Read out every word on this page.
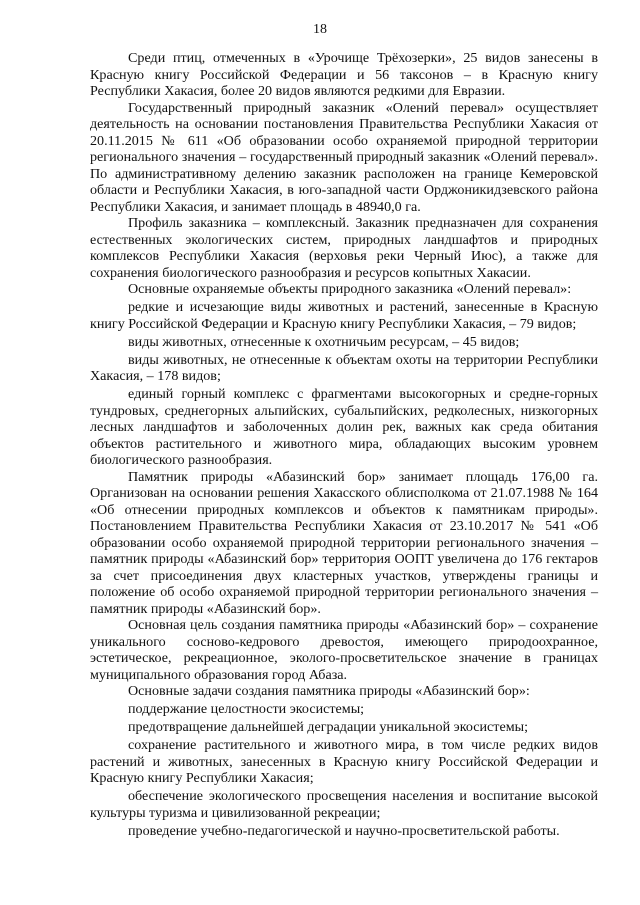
18

Среди птиц, отмеченных в «Урочище Трёхозерки», 25 видов занесены в Красную книгу Российской Федерации и 56 таксонов – в Красную книгу Республики Хакасия, более 20 видов являются редкими для Евразии.

Государственный природный заказник «Олений перевал» осуществляет деятельность на основании постановления Правительства Республики Хакасия от 20.11.2015 № 611 «Об образовании особо охраняемой природной территории регионального значения – государственный природный заказник «Олений перевал». По административному делению заказник расположен на границе Кемеровской области и Республики Хакасия, в юго-западной части Орджоникидзевского района Республики Хакасия, и занимает площадь в 48940,0 га.

Профиль заказника – комплексный. Заказник предназначен для сохранения естественных экологических систем, природных ландшафтов и природных комплексов Республики Хакасия (верховья реки Черный Июс), а также для сохранения биологического разнообразия и ресурсов копытных Хакасии.

Основные охраняемые объекты природного заказника «Олений перевал»:

редкие и исчезающие виды животных и растений, занесенные в Красную книгу Российской Федерации и Красную книгу Республики Хакасия, – 79 видов;

виды животных, отнесенные к охотничьим ресурсам, – 45 видов;

виды животных, не отнесенные к объектам охоты на территории Республики Хакасия, – 178 видов;

единый горный комплекс с фрагментами высокогорных и средне-горных тундровых, среднегорных альпийских, субальпийских, редколесных, низкогорных лесных ландшафтов и заболоченных долин рек, важных как среда обитания объектов растительного и животного мира, обладающих высоким уровнем биологического разнообразия.

Памятник природы «Абазинский бор» занимает площадь 176,00 га. Организован на основании решения Хакасского облисполкома от 21.07.1988 № 164 «Об отнесении природных комплексов и объектов к памятникам природы». Постановлением Правительства Республики Хакасия от 23.10.2017 № 541 «Об образовании особо охраняемой природной территории регионального значения – памятник природы «Абазинский бор» территория ООПТ увеличена до 176 гектаров за счет присоединения двух кластерных участков, утверждены границы и положение об особо охраняемой природной территории регионального значения – памятник природы «Абазинский бор».

Основная цель создания памятника природы «Абазинский бор» – сохранение уникального сосново-кедрового древостоя, имеющего природоохранное, эстетическое, рекреационное, эколого-просветительское значение в границах муниципального образования город Абаза.

Основные задачи создания памятника природы «Абазинский бор»:

поддержание целостности экосистемы;

предотвращение дальнейшей деградации уникальной экосистемы;

сохранение растительного и животного мира, в том числе редких видов растений и животных, занесенных в Красную книгу Российской Федерации и Красную книгу Республики Хакасия;

обеспечение экологического просвещения населения и воспитание высокой культуры туризма и цивилизованной рекреации;

проведение учебно-педагогической и научно-просветительской работы.
